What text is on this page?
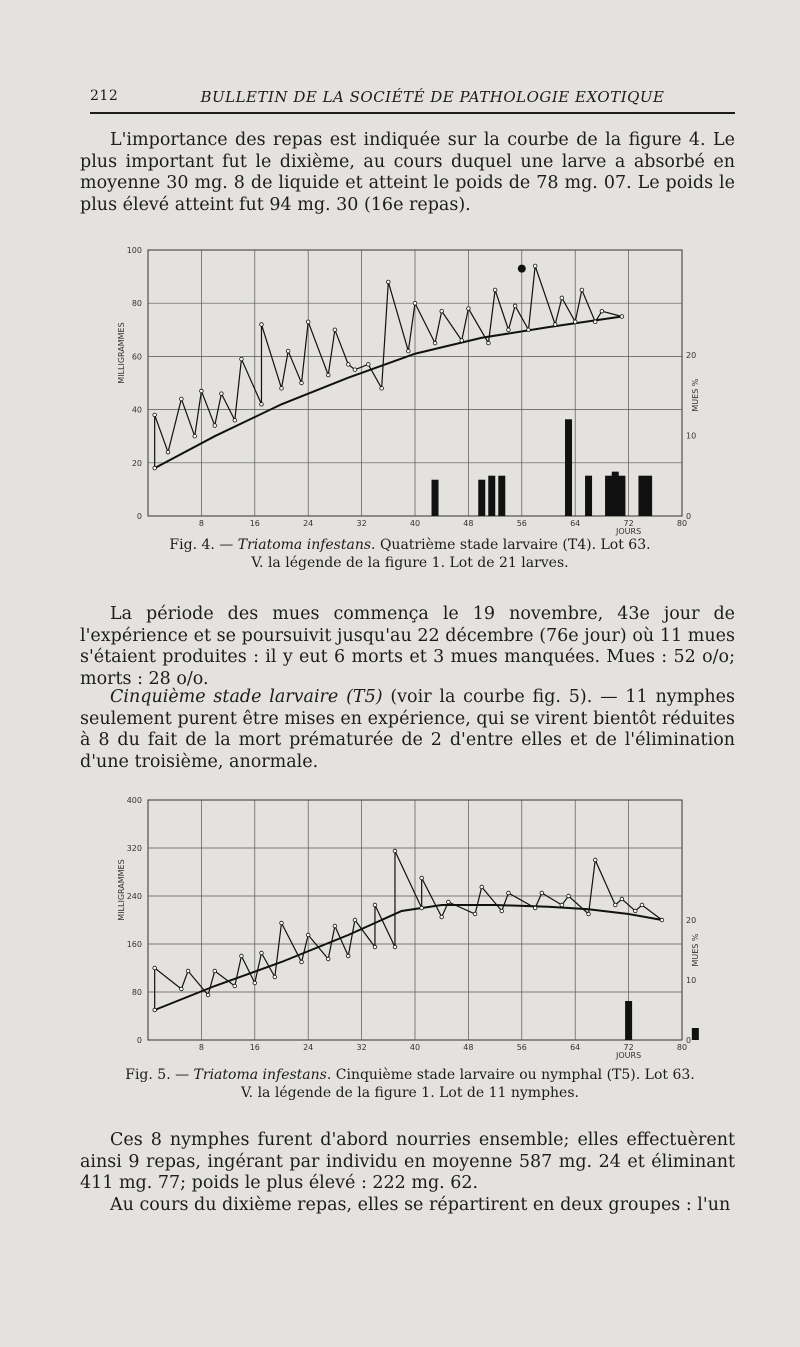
212	BULLETIN DE LA SOCIÉTÉ DE PATHOLOGIE EXOTIQUE

L'importance des repas est indiquée sur la courbe de la figure 4. Le plus important fut le dixième, au cours duquel une larve a absorbé en moyenne 30 mg. 8 de liquide et atteint le poids de 78 mg. 07. Le poids le plus élevé atteint fut 94 mg. 30 (16e repas).

8	16	24	32	40	48	56	64	72	80
0
20
40
60
80
100
0
10
20
MILLIGRAMMES
MUES %
JOURS

Fig. 4. — Triatoma infestans. Quatrième stade larvaire (T4). Lot 63.
V. la légende de la figure 1. Lot de 21 larves.

La période des mues commença le 19 novembre, 43e jour de l'expérience et se poursuivit jusqu'au 22 décembre (76e jour) où 11 mues s'étaient produites : il y eut 6 morts et 3 mues manquées. Mues : 52 o/o; morts : 28 o/o.

Cinquième stade larvaire (T5) (voir la courbe fig. 5). — 11 nymphes seulement purent être mises en expérience, qui se virent bientôt réduites à 8 du fait de la mort prématurée de 2 d'entre elles et de l'élimination d'une troisième, anormale.

8	16	24	32	40	48	56	64	72	80
0
80
160
240
320
400
0
10
20
MILLIGRAMMES
MUES %
JOURS

Fig. 5. — Triatoma infestans. Cinquième stade larvaire ou nymphal (T5). Lot 63.
V. la légende de la figure 1. Lot de 11 nymphes.

Ces 8 nymphes furent d'abord nourries ensemble; elles effectuèrent ainsi 9 repas, ingérant par individu en moyenne 587 mg. 24 et éliminant 411 mg. 77; poids le plus élevé : 222 mg. 62.

Au cours du dixième repas, elles se répartirent en deux groupes : l'un
